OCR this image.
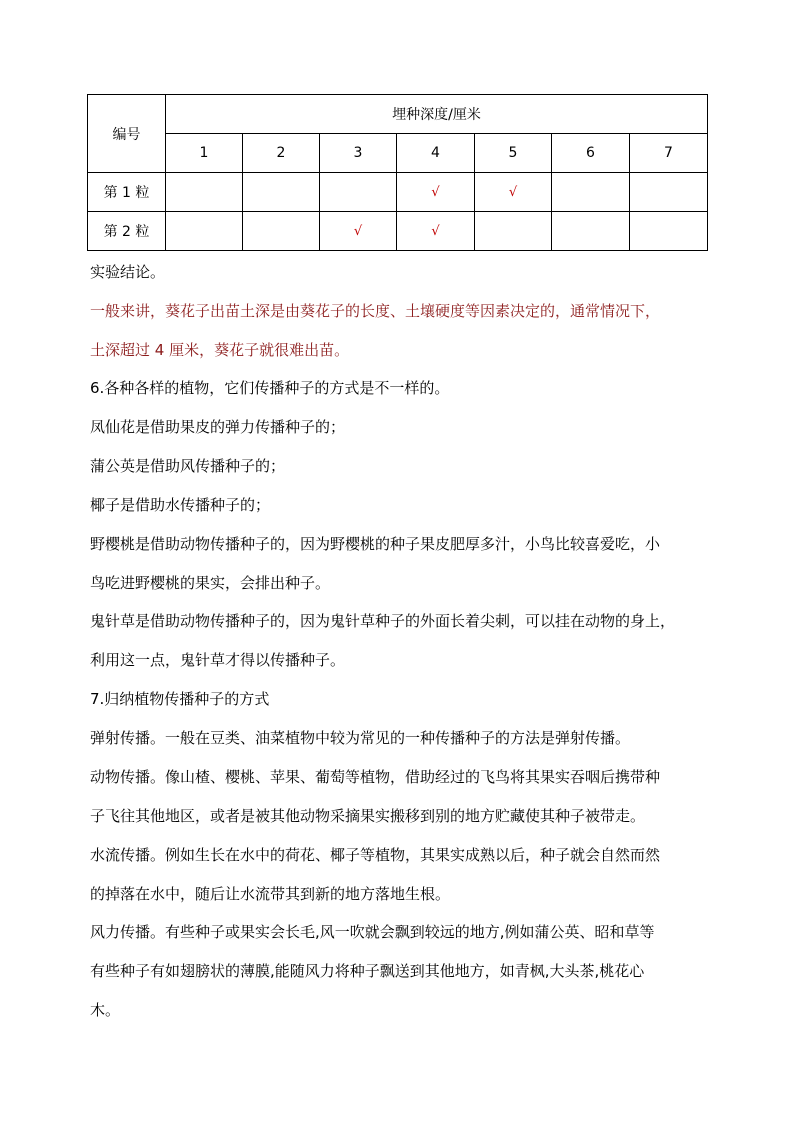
编号	埋种深度/厘米						
	1	2	3	4	5	6	7
第 1 粒				√	√		
第 2 粒			√	√			
实验结论。
一般来讲，葵花子出苗土深是由葵花子的长度、土壤硬度等因素决定的，通常情况下，
土深超过 4 厘米，葵花子就很难出苗。
6.各种各样的植物，它们传播种子的方式是不一样的。
凤仙花是借助果皮的弹力传播种子的；
蒲公英是借助风传播种子的；
椰子是借助水传播种子的；
野樱桃是借助动物传播种子的，因为野樱桃的种子果皮肥厚多汁，小鸟比较喜爱吃，小
鸟吃进野樱桃的果实，会排出种子。
鬼针草是借助动物传播种子的，因为鬼针草种子的外面长着尖刺，可以挂在动物的身上，
利用这一点，鬼针草才得以传播种子。
7.归纳植物传播种子的方式
弹射传播。一般在豆类、油菜植物中较为常见的一种传播种子的方法是弹射传播。
动物传播。像山楂、樱桃、苹果、葡萄等植物，借助经过的飞鸟将其果实吞咽后携带种
子飞往其他地区，或者是被其他动物采摘果实搬移到别的地方贮藏使其种子被带走。
水流传播。例如生长在水中的荷花、椰子等植物，其果实成熟以后，种子就会自然而然
的掉落在水中，随后让水流带其到新的地方落地生根。
风力传播。有些种子或果实会长毛,风一吹就会飘到较远的地方,例如蒲公英、昭和草等
有些种子有如翅膀状的薄膜,能随风力将种子飘送到其他地方，如青枫,大头茶,桃花心
木。
